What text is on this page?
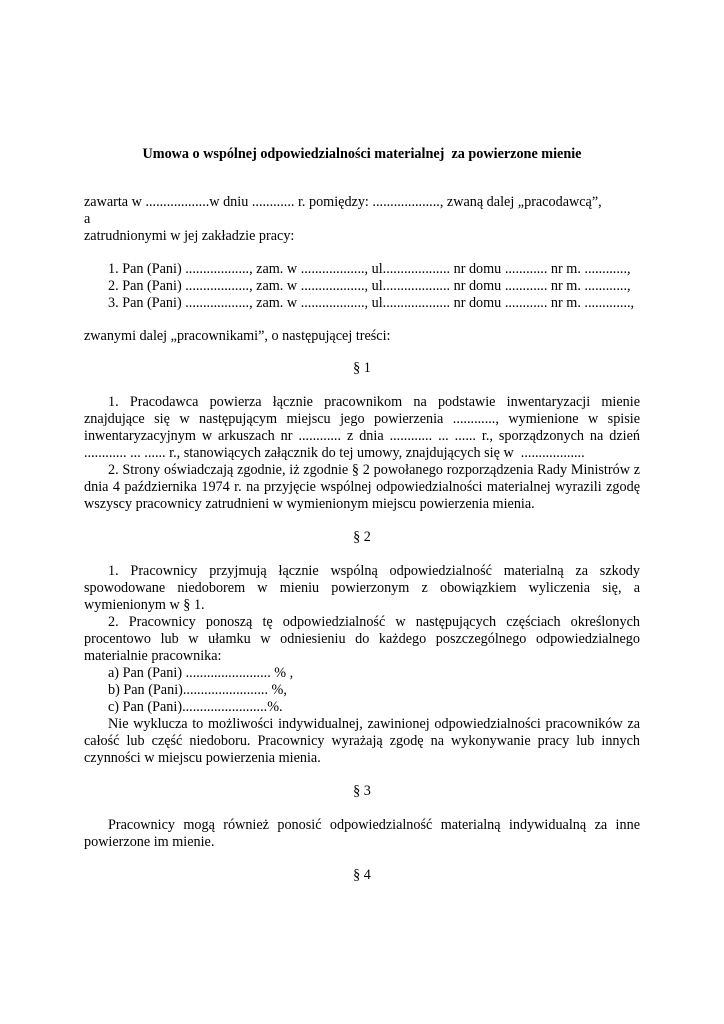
Umowa o wspólnej odpowiedzialności materialnej  za powierzone mienie
zawarta w ..................w dniu ............ r. pomiędzy: ..................., zwaną dalej „pracodawcą”,
a
zatrudnionymi w jej zakładzie pracy:
1. Pan (Pani) .................., zam. w .................., ul................... nr domu ............ nr m. ............,
2. Pan (Pani) .................., zam. w .................., ul................... nr domu ............ nr m. ............,
3. Pan (Pani) .................., zam. w .................., ul................... nr domu ............ nr m. .............,
zwanymi dalej „pracownikami”, o następującej treści:
§ 1
1. Pracodawca powierza łącznie pracownikom na podstawie inwentaryzacji mienie
znajdujące się w następującym miejscu jego powierzenia ............, wymienione w spisie
inwentaryzacyjnym w arkuszach nr ............ z dnia ............ ... ...... r., sporządzonych na dzień
............ ... ...... r., stanowiących załącznik do tej umowy, znajdujących się w  ..................
2. Strony oświadczają zgodnie, iż zgodnie § 2 powołanego rozporządzenia Rady Ministrów z
dnia 4 października 1974 r. na przyjęcie wspólnej odpowiedzialności materialnej wyrazili zgodę
wszyscy pracownicy zatrudnieni w wymienionym miejscu powierzenia mienia.
§ 2
1. Pracownicy przyjmują łącznie wspólną odpowiedzialność materialną za szkody
spowodowane niedoborem w mieniu powierzonym z obowiązkiem wyliczenia się, a
wymienionym w § 1.
2. Pracownicy ponoszą tę odpowiedzialność w następujących częściach określonych
procentowo lub w ułamku w odniesieniu do każdego poszczególnego odpowiedzialnego
materialnie pracownika:
a) Pan (Pani) ........................ % ,
b) Pan (Pani)........................ %,
c) Pan (Pani)........................%.
Nie wyklucza to możliwości indywidualnej, zawinionej odpowiedzialności pracowników za
całość lub część niedoboru. Pracownicy wyrażają zgodę na wykonywanie pracy lub innych
czynności w miejscu powierzenia mienia.
§ 3
Pracownicy mogą również ponosić odpowiedzialność materialną indywidualną za inne
powierzone im mienie.
§ 4
